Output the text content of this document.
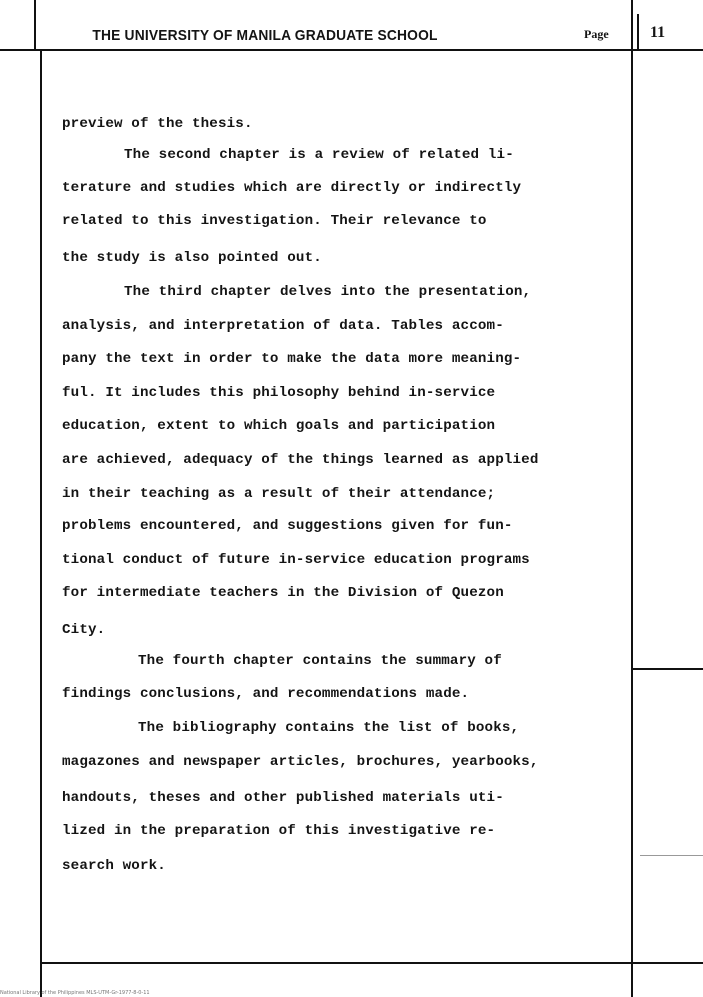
THE UNIVERSITY OF MANILA GRADUATE SCHOOL	Page	11
preview of the thesis.
The second chapter is a review of related li-
terature and studies which are directly or indirectly
related to this investigation. Their relevance to
the study is also pointed out.
The third chapter delves into the presentation,
analysis, and interpretation of data. Tables accom-
pany the text in order to make the data more meaning-
ful. It includes this philosophy behind in-service
education, extent to which goals and participation
are achieved, adequacy of the things learned as applied
in their teaching as a result of their attendance;
problems encountered, and suggestions given for fun-
tional conduct of future in-service education programs
for intermediate teachers in the Division of Quezon
City.
The fourth chapter contains the summary of
findings conclusions, and recommendations made.
The bibliography contains the list of books,
magazones and newspaper articles, brochures, yearbooks,
handouts, theses and other published materials uti-
lized in the preparation of this investigative re-
search work.
National Library of the Philippines MLS-UTM-Gr-1977-8-0-11
